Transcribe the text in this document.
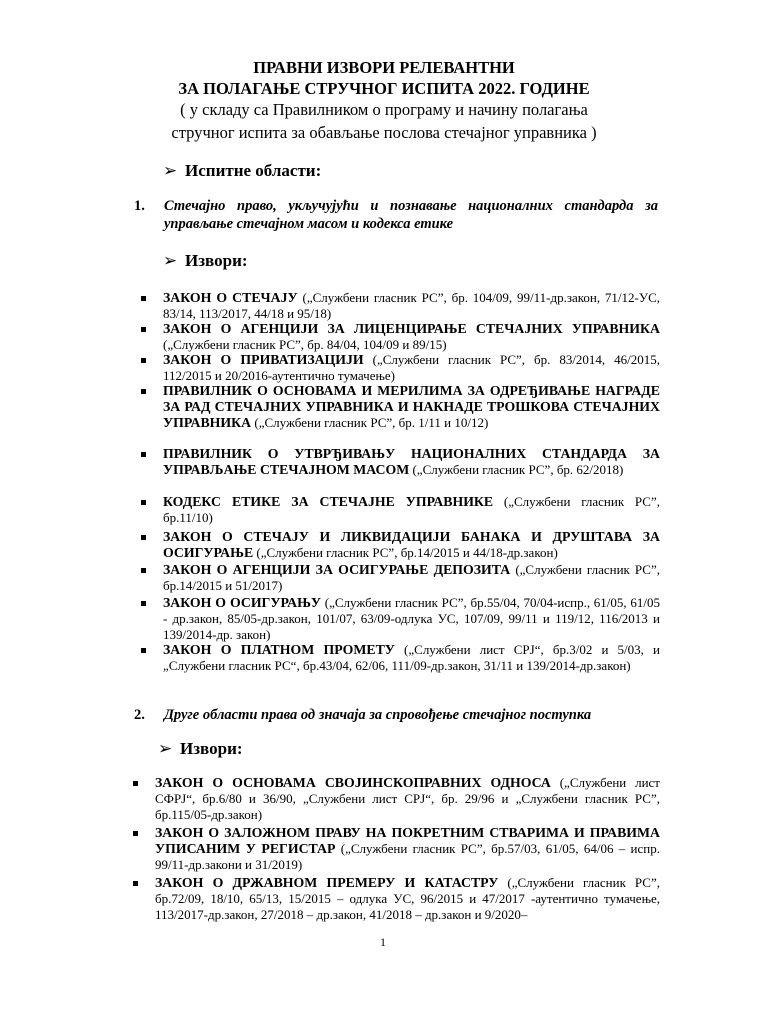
ПРАВНИ ИЗВОРИ РЕЛЕВАНТНИ
ЗА ПОЛАГАЊЕ СТРУЧНОГ ИСПИТА 2022. ГОДИНЕ
( у складу са Правилником о програму и начину полагања
стручног испита за обављање послова стечајног управника )
➢ Испитне области:
1.	Стечајно право, укључујући и познавање националних стандарда за управљање стечајном масом и кодекса етике
➢ Извори:
ЗАКОН О СТЕЧАЈУ („Службени гласник РС”, бр. 104/09, 99/11-др.закон, 71/12-УС, 83/14, 113/2017, 44/18 и 95/18)
ЗАКОН О АГЕНЦИЈИ ЗА ЛИЦЕНЦИРАЊЕ СТЕЧАЈНИХ УПРАВНИКА („Службени гласник РС”, бр. 84/04, 104/09 и 89/15)
ЗАКОН О ПРИВАТИЗАЦИЈИ („Службени гласник РС”, бр. 83/2014, 46/2015, 112/2015 и 20/2016-аутентично тумачење)
ПРАВИЛНИК О ОСНОВАМА И МЕРИЛИМА ЗА ОДРЕЂИВАЊЕ НАГРАДЕ ЗА РАД СТЕЧАЈНИХ УПРАВНИКА И НАКНАДЕ ТРОШКОВА СТЕЧАЈНИХ УПРАВНИКА („Службени гласник РС”, бр. 1/11 и 10/12)
ПРАВИЛНИК О УТВРЂИВАЊУ НАЦИОНАЛНИХ СТАНДАРДА ЗА УПРАВЉАЊЕ СТЕЧАЈНОМ МАСОМ („Службени гласник РС”, бр. 62/2018)
КОДЕКС ЕТИКЕ ЗА СТЕЧАЈНЕ УПРАВНИКЕ („Службени гласник РС”, бр.11/10)
ЗАКОН О СТЕЧАЈУ И ЛИКВИДАЦИЈИ БАНАКА И ДРУШТАВА ЗА ОСИГУРАЊЕ („Службени гласник РС”, бр.14/2015 и 44/18-др.закон)
ЗАКОН О АГЕНЦИЈИ ЗА ОСИГУРАЊЕ ДЕПОЗИТА („Службени гласник РС”, бр.14/2015 и 51/2017)
ЗАКОН О ОСИГУРАЊУ („Службени гласник РС”, бр.55/04, 70/04-испр., 61/05, 61/05 - др.закон, 85/05-др.закон, 101/07, 63/09-одлука УС, 107/09, 99/11 и 119/12, 116/2013 и 139/2014-др. закон)
ЗАКОН О ПЛАТНОМ ПРОМЕТУ („Службени лист СРЈ“, бр.3/02 и 5/03, и „Службени гласник РС“, бр.43/04, 62/06, 111/09-др.закон, 31/11 и 139/2014-др.закон)
2.	Друге области права од значаја за спровођење стечајног поступка
➢ Извори:
ЗАКОН О ОСНОВАМА СВОЈИНСКОПРАВНИХ ОДНОСА („Службени лист СФРЈ“, бр.6/80 и 36/90, „Службени лист СРЈ“, бр. 29/96 и „Службени гласник РС”, бр.115/05-др.закон)
ЗАКОН О ЗАЛОЖНОМ ПРАВУ НА ПОКРЕТНИМ СТВАРИМА И ПРАВИМА УПИСАНИМ У РЕГИСТАР („Службени гласник РС”, бр.57/03, 61/05, 64/06 – испр. 99/11-др.закони и 31/2019)
ЗАКОН О ДРЖАВНОМ ПРЕМЕРУ И КАТАСТРУ („Службени гласник РС”, бр.72/09, 18/10, 65/13, 15/2015 – одлука УС, 96/2015 и 47/2017 -аутентично тумачење, 113/2017-др.закон, 27/2018 – др.закон, 41/2018 – др.закон и 9/2020–
1
